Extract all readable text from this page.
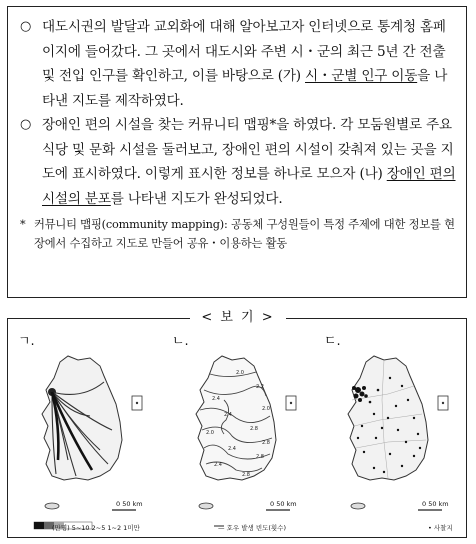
○ 대도시권의 발달과 교외화에 대해 알아보고자 인터넷으로 통계청 홈페이지에 들어갔다. 그 곳에서 대도시와 주변 시・군의 최근 5년 간 전출 및 전입 인구를 확인하고, 이를 바탕으로 (가) 시・군별 인구 이동을 나타낸 지도를 제작하였다.
○ 장애인 편의 시설을 찾는 커뮤니티 맵핑*을 하였다. 각 모둠원별로 주요 식당 및 문화 시설을 둘러보고, 장애인 편의 시설이 갖춰져 있는 곳을 지도에 표시하였다. 이렇게 표시한 정보를 하나로 모으자 (나) 장애인 편의 시설의 분포를 나타낸 지도가 완성되었다.
* 커뮤니티 맵핑(community mapping): 공동체 구성원들이 특정 주제에 대한 정보를 현장에서 수집하고 지도로 만들어 공유・이용하는 활동
< 보 기 >
ㄱ.
0 50 km
(만명) 5~10 2~5 1~2 1미만
ㄴ.
2.0
2.2
2.4
2.0
2.4
2.8
2.0
2.8
2.4
2.8
2.4
2.8
0 50 km
— 호우 발생 빈도(횟수)
ㄷ.
0 50 km
• 사찰지
